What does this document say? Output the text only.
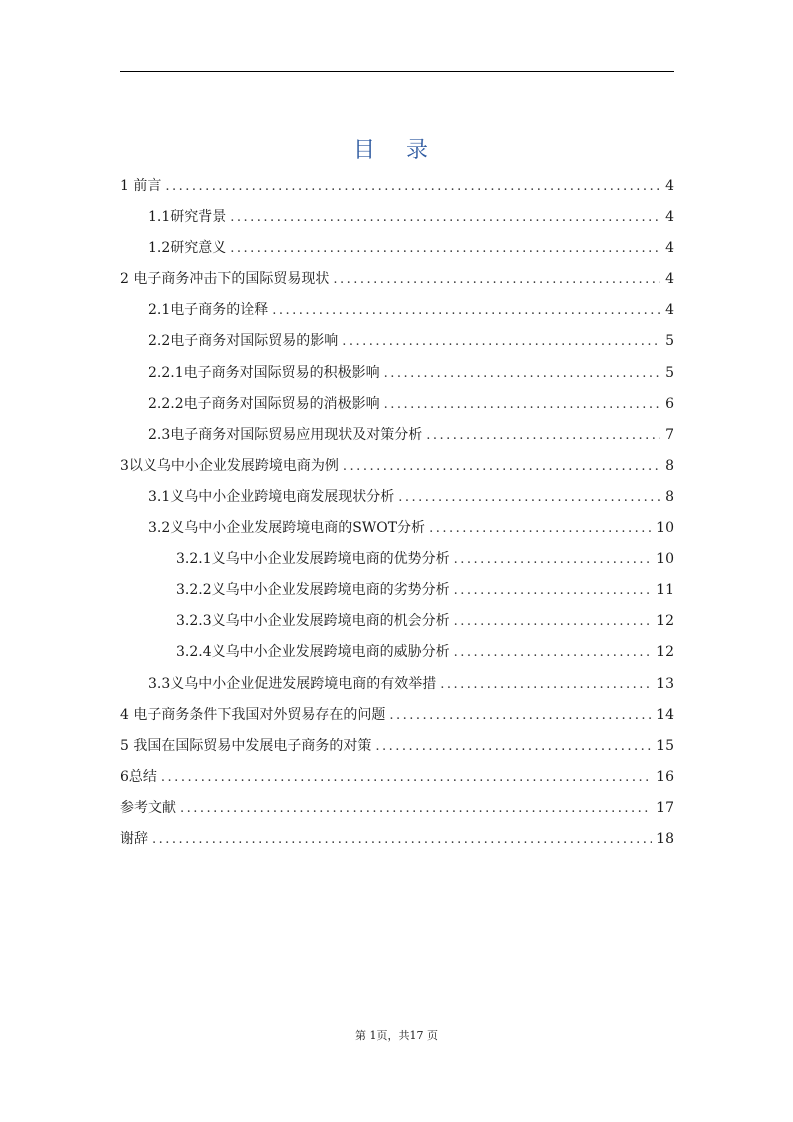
目 录
1 前言 .....	4
1.1研究背景 .....	4
1.2研究意义 .....	4
2 电子商务冲击下的国际贸易现状 .....	4
2.1电子商务的诠释 .....	4
2.2电子商务对国际贸易的影响 .....	5
2.2.1电子商务对国际贸易的积极影响 .....	5
2.2.2电子商务对国际贸易的消极影响 .....	6
2.3电子商务对国际贸易应用现状及对策分析 .....	7
3以义乌中小企业发展跨境电商为例 .....	8
3.1义乌中小企业跨境电商发展现状分析 .....	8
3.2义乌中小企业发展跨境电商的SWOT分析 .....	10
3.2.1义乌中小企业发展跨境电商的优势分析 .....	10
3.2.2义乌中小企业发展跨境电商的劣势分析 .....	11
3.2.3义乌中小企业发展跨境电商的机会分析 .....	12
3.2.4义乌中小企业发展跨境电商的威胁分析 .....	12
3.3义乌中小企业促进发展跨境电商的有效举措 .....	13
4 电子商务条件下我国对外贸易存在的问题 .....	14
5 我国在国际贸易中发展电子商务的对策 .....	15
6总结 .....	16
参考文献 .....	17
谢辞 .....	18
第 1页，共17 页
